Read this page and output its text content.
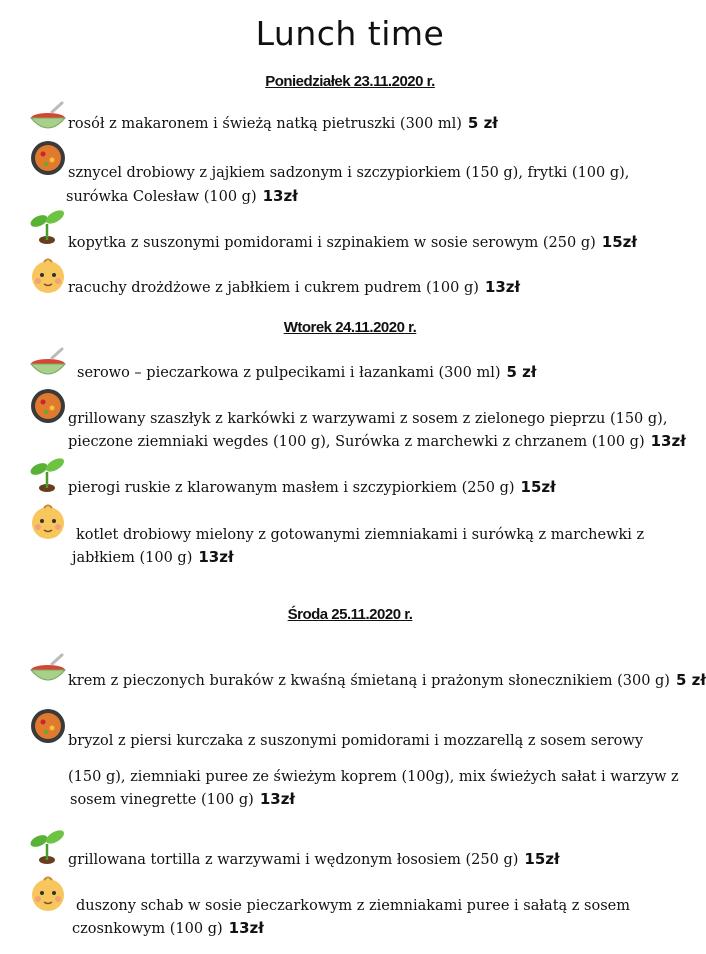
Lunch time
Poniedziałek 23.11.2020 r.
rosół z makaronem i świeżą natką pietruszki (300 ml) 5 zł
sznycel drobiowy z jajkiem sadzonym i szczypiorkiem (150 g), frytki (100 g),
surówka Colesław (100 g) 13zł
kopytka z suszonymi pomidorami i szpinakiem w sosie serowym (250 g) 15zł
racuchy drożdżowe z jabłkiem i cukrem pudrem (100 g) 13zł
Wtorek 24.11.2020 r.
serowo – pieczarkowa z pulpecikami i łazankami (300 ml) 5 zł
grillowany szaszłyk z karkówki z warzywami z sosem z zielonego pieprzu (150 g),
pieczone ziemniaki wegdes (100 g), Surówka z marchewki z chrzanem (100 g) 13zł
pierogi ruskie z klarowanym masłem i szczypiorkiem (250 g) 15zł
kotlet drobiowy mielony z gotowanymi ziemniakami i surówką z marchewki z
jabłkiem (100 g) 13zł
Środa 25.11.2020 r.
krem z pieczonych buraków z kwaśną śmietaną i prażonym słonecznikiem (300 g) 5 zł
bryzol z piersi kurczaka z suszonymi pomidorami i mozzarellą z sosem serowy
(150 g), ziemniaki puree ze świeżym koprem (100g), mix świeżych sałat i warzyw z
sosem vinegrette (100 g) 13zł
grillowana tortilla z warzywami i wędzonym łososiem (250 g) 15zł
duszony schab w sosie pieczarkowym z ziemniakami puree i sałatą z sosem
czosnkowym (100 g) 13zł
